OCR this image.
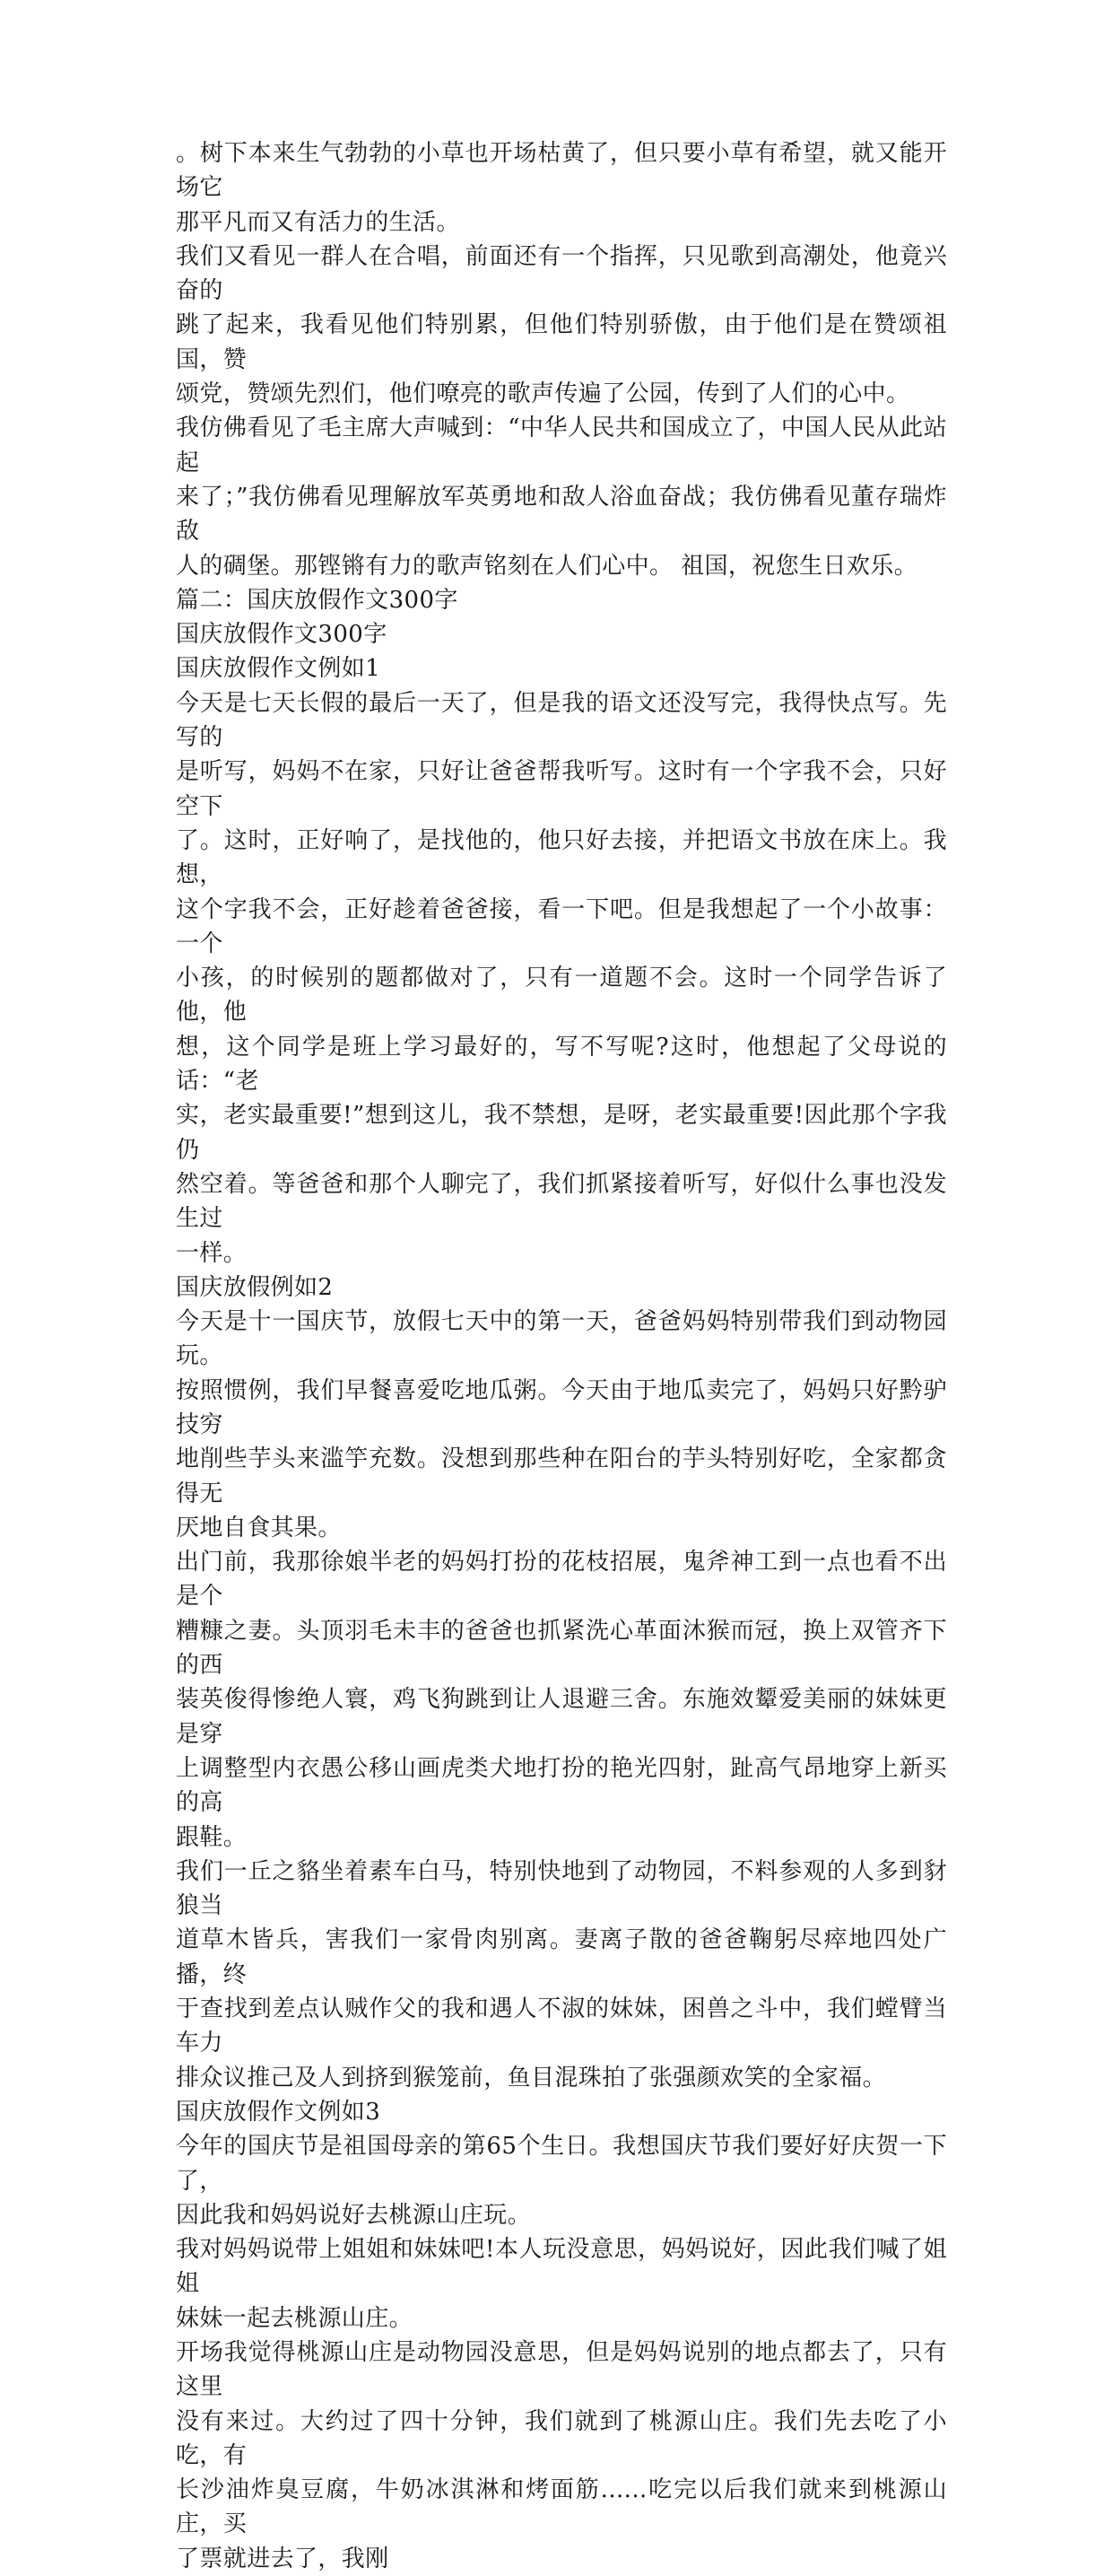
。树下本来生气勃勃的小草也开场枯黄了，但只要小草有希望，就又能开场它
那平凡而又有活力的生活。

我们又看见一群人在合唱，前面还有一个指挥，只见歌到高潮处，他竟兴奋的
跳了起来，我看见他们特别累，但他们特别骄傲，由于他们是在赞颂祖国，赞
颂党，赞颂先烈们，他们嘹亮的歌声传遍了公园，传到了人们的心中。

我仿佛看见了毛主席大声喊到：“中华人民共和国成立了，中国人民从此站起
来了；”我仿佛看见理解放军英勇地和敌人浴血奋战；我仿佛看见董存瑞炸敌
人的碉堡。那铿锵有力的歌声铭刻在人们心中。 祖国，祝您生日欢乐。

篇二：国庆放假作文300字

国庆放假作文300字

国庆放假作文例如1

今天是七天长假的最后一天了，但是我的语文还没写完，我得快点写。先写的
是听写，妈妈不在家，只好让爸爸帮我听写。这时有一个字我不会，只好空下
了。这时，正好响了，是找他的，他只好去接，并把语文书放在床上。我想，
这个字我不会，正好趁着爸爸接，看一下吧。但是我想起了一个小故事：一个
小孩，的时候别的题都做对了，只有一道题不会。这时一个同学告诉了他，他
想，这个同学是班上学习最好的，写不写呢?这时，他想起了父母说的话：“老
实，老实最重要!”想到这儿，我不禁想，是呀，老实最重要!因此那个字我仍
然空着。等爸爸和那个人聊完了，我们抓紧接着听写，好似什么事也没发生过
一样。

国庆放假例如2

今天是十一国庆节，放假七天中的第一天，爸爸妈妈特别带我们到动物园玩。
按照惯例，我们早餐喜爱吃地瓜粥。今天由于地瓜卖完了，妈妈只好黔驴技穷
地削些芋头来滥竽充数。没想到那些种在阳台的芋头特别好吃，全家都贪得无
厌地自食其果。

出门前，我那徐娘半老的妈妈打扮的花枝招展，鬼斧神工到一点也看不出是个
糟糠之妻。头顶羽毛未丰的爸爸也抓紧洗心革面沐猴而冠，换上双管齐下的西
装英俊得惨绝人寰，鸡飞狗跳到让人退避三舍。东施效颦爱美丽的妹妹更是穿
上调整型内衣愚公移山画虎类犬地打扮的艳光四射，趾高气昂地穿上新买的高
跟鞋。

我们一丘之貉坐着素车白马，特别快地到了动物园，不料参观的人多到豺狼当
道草木皆兵，害我们一家骨肉别离。妻离子散的爸爸鞠躬尽瘁地四处广播，终
于查找到差点认贼作父的我和遇人不淑的妹妹，困兽之斗中，我们螳臂当车力
排众议推己及人到挤到猴笼前，鱼目混珠拍了张强颜欢笑的全家福。

国庆放假作文例如3

今年的国庆节是祖国母亲的第65个生日。我想国庆节我们要好好庆贺一下了，
因此我和妈妈说好去桃源山庄玩。

我对妈妈说带上姐姐和妹妹吧!本人玩没意思，妈妈说好，因此我们喊了姐姐
妹妹一起去桃源山庄。

开场我觉得桃源山庄是动物园没意思，但是妈妈说别的地点都去了，只有这里
没有来过。大约过了四十分钟，我们就到了桃源山庄。我们先去吃了小吃，有
长沙油炸臭豆腐，牛奶冰淇淋和烤面筋......吃完以后我们就来到桃源山庄，买
了票就进去了，我刚
